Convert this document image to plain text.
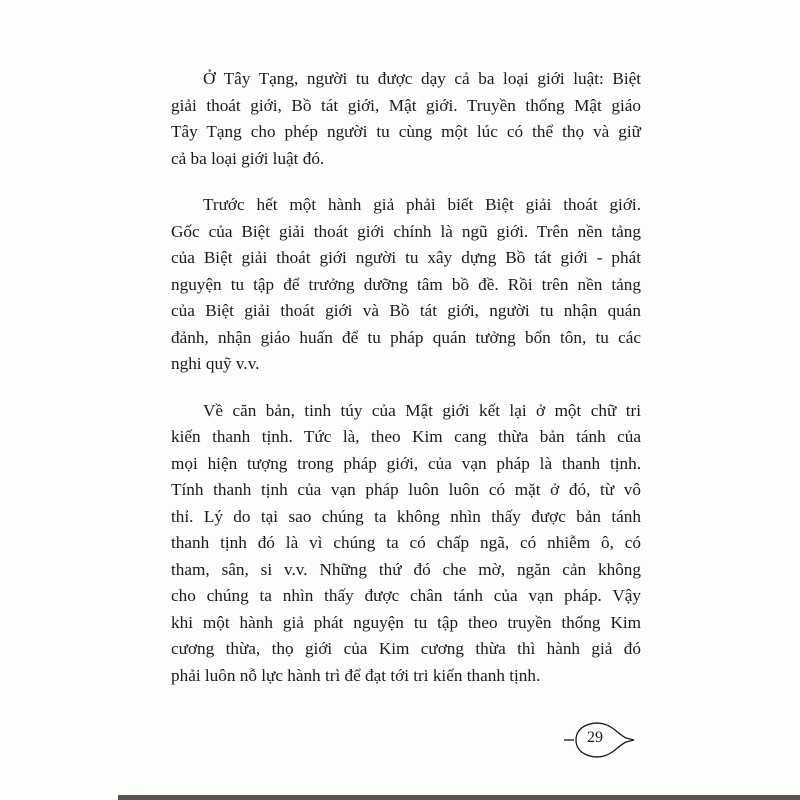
Ở Tây Tạng, người tu được dạy cả ba loại giới luật: Biệt
giải thoát giới, Bồ tát giới, Mật giới. Truyền thống Mật giáo
Tây Tạng cho phép người tu cùng một lúc có thể thọ và giữ
cả ba loại giới luật đó.

Trước hết một hành giả phải biết Biệt giải thoát giới.
Gốc của Biệt giải thoát giới chính là ngũ giới. Trên nền tảng
của Biệt giải thoát giới người tu xây dựng Bồ tát giới - phát
nguyện tu tập để trưởng dưỡng tâm bồ đề. Rồi trên nền tảng
của Biệt giải thoát giới và Bồ tát giới, người tu nhận quán
đảnh, nhận giáo huấn để tu pháp quán tưởng bổn tôn, tu các
nghi quỹ v.v.

Về căn bản, tinh túy của Mật giới kết lại ở một chữ tri
kiến thanh tịnh. Tức là, theo Kim cang thừa bản tánh của
mọi hiện tượng trong pháp giới, của vạn pháp là thanh tịnh.
Tính thanh tịnh của vạn pháp luôn luôn có mặt ở đó, từ vô
thỉ. Lý do tại sao chúng ta không nhìn thấy được bản tánh
thanh tịnh đó là vì chúng ta có chấp ngã, có nhiễm ô, có
tham, sân, si v.v. Những thứ đó che mờ, ngăn cản không
cho chúng ta nhìn thấy được chân tánh của vạn pháp. Vậy
khi một hành giả phát nguyện tu tập theo truyền thống Kim
cương thừa, thọ giới của Kim cương thừa thì hành giả đó
phải luôn nỗ lực hành trì để đạt tới tri kiến thanh tịnh.

29
